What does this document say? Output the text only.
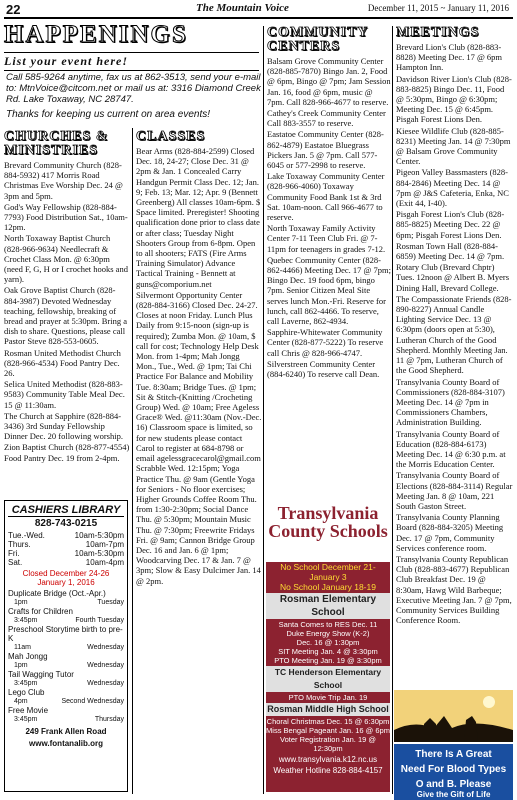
22	The Mountain Voice	December 11, 2015 ~ January 11, 2016
HAPPENINGS
List your event here!
Call 585-9264 anytime, fax us at 862-3513, send your e-mail to: MtnVoice@citcom.net or mail us at: 3316 Diamond Creek Rd. Lake Toxaway, NC 28747.
Thanks for keeping us current on area events!
CHURCHES & MINISTRIES

Brevard Community Church (828-884-5932) 417 Morris Road Christmas Eve Worship Dec. 24 @ 3pm and 5pm.

God's Way Fellowship (828-884-7793) Food Distribution Sat., 10am-12pm.

North Toxaway Baptist Church (828-966-9634) Needlecraft & Crochet Class Mon. @ 6:30pm (need F, G, H or I crochet hooks and yarn).

Oak Grove Baptist Church (828-884-3987) Devoted Wednesday teaching, fellowship, breaking of bread and prayer at 5:30pm. Bring a dish to share. Questions, please call Pastor Steve 828-553-0605.

Rosman United Methodist Church (828-966-4534) Food Pantry Dec. 26.

Selica United Methodist (828-883-9583) Community Table Meal Dec. 15 @ 11:30am.

The Church at Sapphire (828-884-3436) 3rd Sunday Fellowship Dinner Dec. 20 following worship.

Zion Baptist Church (828-877-4554) Food Pantry Dec. 19 from 2-4pm.

CASHIERS LIBRARY
828-743-0215
Tue.-Wed.	10am-5:30pm
Thurs.	10am-7pm
Fri.	10am-5:30pm
Sat.	10am-4pm
Closed December 24-26 January 1, 2016
Duplicate Bridge (Oct.-Apr.)
1pm	Tuesday
Crafts for Children
3:45pm	Fourth Tuesday
Preschool Storytime birth to pre-K
11am	Wednesday
Mah Jongg
1pm	Wednesday
Tail Wagging Tutor
3:45pm	Wednesday
Lego Club
4pm	Second Wednesday
Free Movie
3:45pm	Thursday
249 Frank Allen Road
www.fontanalib.org
CLASSES

Bear Arms (828-884-2599) Closed Dec. 18, 24-27; Close Dec. 31 @ 2pm & Jan. 1 Concealed Carry Handgun Permit Class Dec. 12; Jan. 9; Feb. 13; Mar. 12; Apr. 9 (Bennett Greenberg) All classes 10am-6pm. $ Space limited. Preregister! Shooting qualification done prior to class date or after class; Tuesday Night Shooters Group from 6-8pm. Open to all shooters; FATS (Fire Arms Training Simulator) Advance Tactical Training - Bennett at guns@comporium.net

Silvermont Opportunity Center (828-884-3166) Closed Dec. 24-27. Closes at noon Friday. Lunch Plus Daily from 9:15-noon (sign-up is required); Zumba Mon. @ 10am, $ call for cost; Technology Help Desk Mon. from 1-4pm; Mah Jongg Mon., Tue., Wed. @ 1pm; Tai Chi Practice For Balance and Mobility Tue. 8:30am; Bridge Tues. @ 1pm; Sit & Stitch-(Knitting /Crocheting Group) Wed. @ 10am; Free Ageless Grace® Wed. @11:30am (Nov.-Dec. 16) Classroom space is limited, so for new students please contact Carol to register at 684-8798 or email agelessgracecarol@gmail.com Scrabble Wed. 12:15pm; Yoga Practice Thu. @ 9am (Gentle Yoga for Seniors - No floor exercises; Higher Grounds Coffee Room Thu. from 1:30-2:30pm; Social Dance Thu. @ 5:30pm; Mountain Music Thu. @ 7:30pm; Freewrite Fridays Fri. @ 9am; Cannon Bridge Group Dec. 16 and Jan. 6 @ 1pm; Woodcarving Dec. 17 & Jan. 7 @ 3pm; Slow & Easy Dulcimer Jan. 14 @ 2pm.

COMMUNITY CENTERS

Balsam Grove Community Center (828-885-7870) Bingo Jan. 2, Food @ 6pm, Bingo @ 7pm; Jam Session Jan. 16, food @ 6pm, music @ 7pm. Call 828-966-4677 to reserve.

Cathey's Creek Community Center Call 883-3557 to reserve.

Eastatoe Community Center (828-862-4879) Eastatoe Bluegrass Pickers Jan. 5 @ 7pm. Call 577-6045 or 577-2998 to reserve.

Lake Toxaway Community Center (828-966-4060) Toxaway Community Food Bank 1st & 3rd Sat. 10am-noon. Call 966-4677 to reserve.

North Toxaway Family Activity Center 7-11 Teen Club Fri. @ 7-11pm for teenagers in grades 7-12.

Quebec Community Center (828-862-4466) Meeting Dec. 17 @ 7pm; Bingo Dec. 19 food 6pm, bingo 7pm. Senior Citizen Meal Site serves lunch Mon.-Fri. Reserve for lunch, call 862-4466. To reserve, call Laverne, 862-4934.

Sapphire-Whitewater Community Center (828-877-5222) To reserve call Chris @ 828-966-4747.

Silverstreen Community Center (884-6240) To reserve call Dean.

Transylvania County Schools
No School December 21-January 3
No School January 18-19
Rosman Elementary School
Santa Comes to RES Dec. 11
Duke Energy Show (K-2)
Dec. 16 @ 1:30pm
SIT Meeting Jan. 4 @ 3:30pm
PTO Meeting Jan. 19 @ 3:30pm
TC Henderson Elementary School
PTO Movie Trip Jan. 19
Rosman Middle High School
Choral Christmas Dec. 15 @ 6:30pm
Miss Bengal Pageant Jan. 16 @ 6pm
Voter Registration Jan. 19 @ 12:30pm
www.transylvania.k12.nc.us
Weather Hotline 828-884-4157
MEETINGS

Brevard Lion's Club (828-883-8828) Meeting Dec. 17 @ 6pm Hampton Inn.

Davidson River Lion's Club (828-883-8825) Bingo Dec. 11, Food @ 5:30pm, Bingo @ 6:30pm; Meeting Dec. 15 @ 6:45pm. Pisgah Forest Lions Den.

Kiesee Wildlife Club (828-885-8231) Meeting Jan. 14 @ 7:30pm @ Balsam Grove Community Center.

Pigeon Valley Bassmasters (828-884-2846) Meeting Dec. 14 @ 7pm @ J&S Cafeteria, Enka, NC (Exit 44, I-40).

Pisgah Forest Lion's Club (828-885-8825) Meeting Dec. 22 @ 6pm; Pisgah Forest Lions Den.

Rosman Town Hall (828-884-6859) Meeting Dec. 14 @ 7pm.

Rotary Club (Brevard Chptr) Tues. 12noon @ Albert B. Myers Dining Hall, Brevard College.

The Compassionate Friends (828-890-8227) Annual Candle Lighting Service Dec. 13 @ 6:30pm (doors open at 5:30), Lutheran Church of the Good Shepherd. Monthly Meeting Jan. 11 @ 7pm, Lutheran Church of the Good Shepherd.

Transylvania County Board of Commissioners (828-884-3107) Meeting Dec. 14 @ 7pm in Commissioners Chambers, Administration Building.

Transylvania County Board of Education (828-884-6173) Meeting Dec. 14 @ 6:30 p.m. at the Morris Education Center.

Transylvania County Board of Elections (828-884-3114) Regular Meeting Jan. 8 @ 10am, 221 South Gaston Street.

Transylvania County Planning Board (828-884-3205) Meeting Dec. 17 @ 7pm, Community Services conference room.

Transylvania County Republican Club (828-883-4677) Republican Club Breakfast Dec. 19 @ 8:30am, Hawg Wild Barbeque; Executive Meeting Jan. 7 @ 7pm, Community Services Building Conference Room.

There Is A Great
Need For Blood Types
O and B. Please
Give the Gift of Life
